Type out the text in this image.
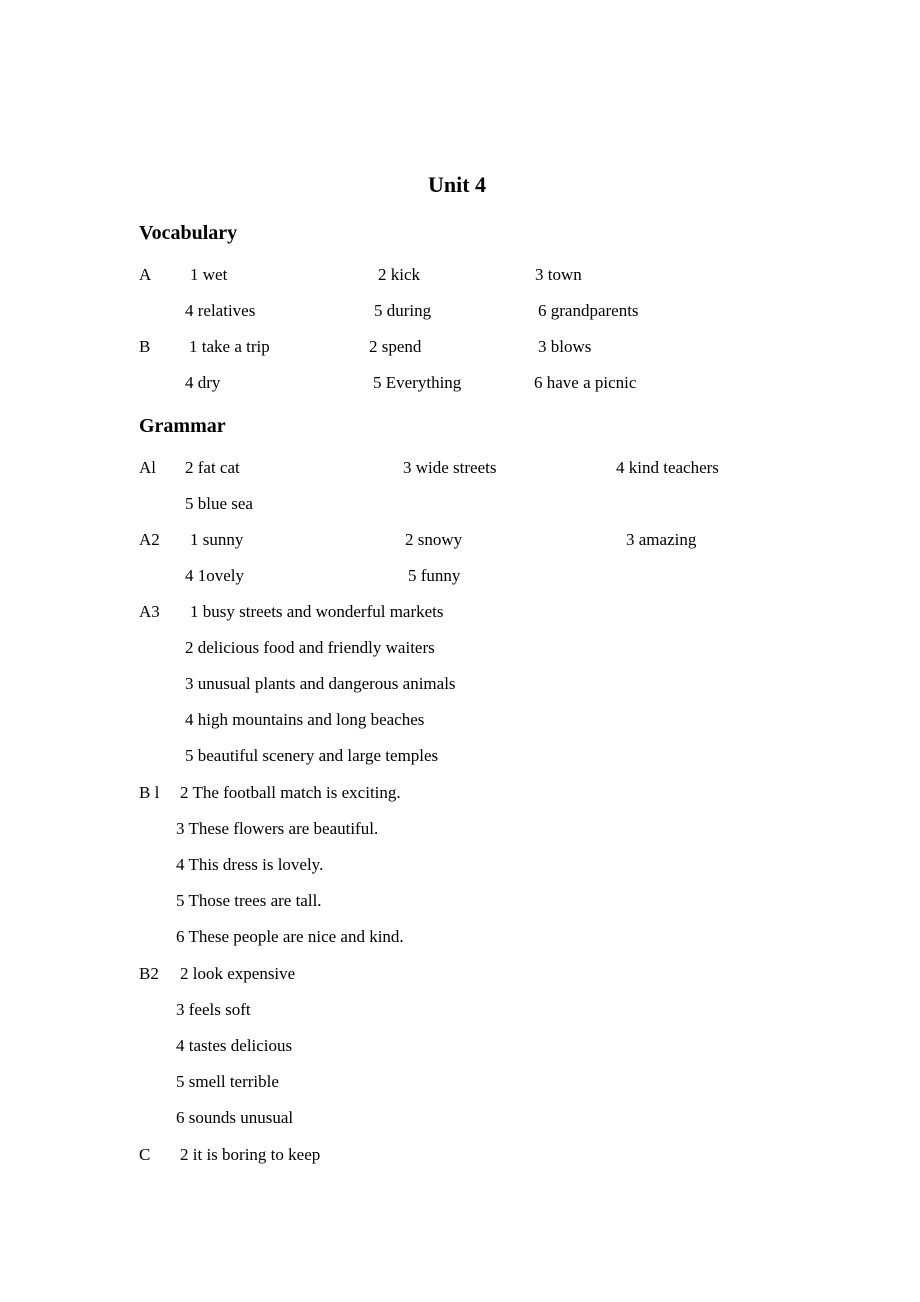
Unit 4
Vocabulary
A 1 wet	2 kick	3 town
4 relatives	5 during	6 grandparents
B 1 take a trip	2 spend	3 blows
4 dry	5 Everything	6 have a picnic
Grammar
Al 2 fat cat	3 wide streets	4 kind teachers
5 blue sea
A2 1 sunny	2 snowy	3 amazing
4 1ovely	5 funny
A3 1 busy streets and wonderful markets
2 delicious food and friendly waiters
3 unusual plants and dangerous animals
4 high mountains and long beaches
5 beautiful scenery and large temples
B l 2 The football match is exciting.
3 These flowers are beautiful.
4 This dress is lovely.
5 Those trees are tall.
6 These people are nice and kind.
B2 2 look expensive
3 feels soft
4 tastes delicious
5 smell terrible
6 sounds unusual
C 2 it is boring to keep
